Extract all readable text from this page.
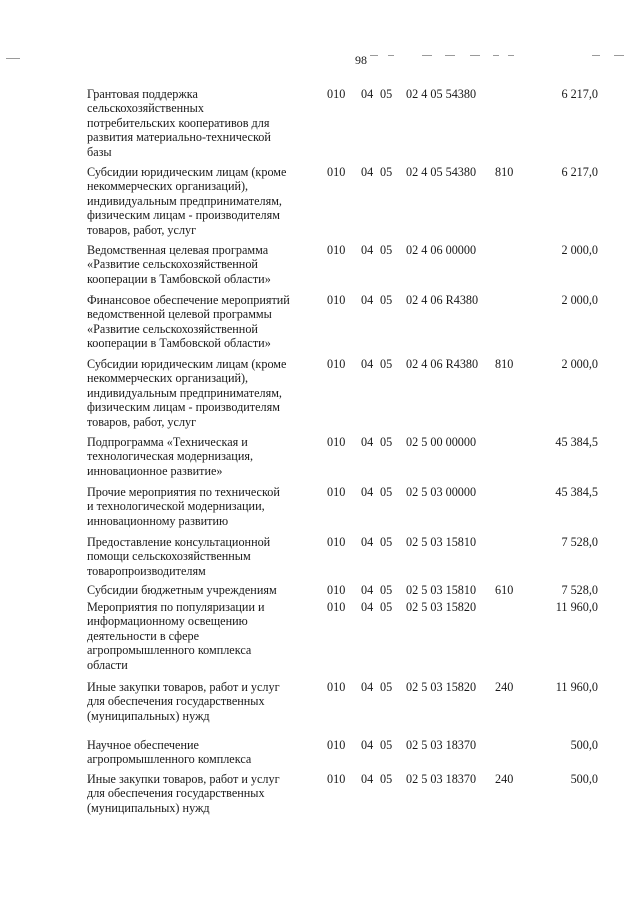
98
Грантовая поддержка
сельскохозяйственных
потребительских кооперативов для
развития материально-технической
базы
010 04 05 02 4 05 54380	6 217,0
Субсидии юридическим лицам (кроме
некоммерческих организаций),
индивидуальным предпринимателям,
физическим лицам - производителям
товаров, работ, услуг
010 04 05 02 4 05 54380 810	6 217,0
Ведомственная целевая программа
«Развитие сельскохозяйственной
кооперации в Тамбовской области»
010 04 05 02 4 06 00000	2 000,0
Финансовое обеспечение мероприятий
ведомственной целевой программы
«Развитие сельскохозяйственной
кооперации в Тамбовской области»
010 04 05 02 4 06 R4380	2 000,0
Субсидии юридическим лицам (кроме
некоммерческих организаций),
индивидуальным предпринимателям,
физическим лицам - производителям
товаров, работ, услуг
010 04 05 02 4 06 R4380 810	2 000,0
Подпрограмма «Техническая и
технологическая модернизация,
инновационное развитие»
010 04 05 02 5 00 00000	45 384,5
Прочие мероприятия по технической
и технологической модернизации,
инновационному развитию
010 04 05 02 5 03 00000	45 384,5
Предоставление консультационной
помощи сельскохозяйственным
товаропроизводителям
010 04 05 02 5 03 15810	7 528,0
Субсидии бюджетным учреждениям	010 04 05 02 5 03 15810 610	7 528,0
Мероприятия по популяризации и
информационному освещению
деятельности в сфере
агропромышленного комплекса
области
010 04 05 02 5 03 15820	11 960,0
Иные закупки товаров, работ и услуг
для обеспечения государственных
(муниципальных) нужд
010 04 05 02 5 03 15820 240	11 960,0
Научное обеспечение
агропромышленного комплекса
010 04 05 02 5 03 18370	500,0
Иные закупки товаров, работ и услуг
для обеспечения государственных
(муниципальных) нужд
010 04 05 02 5 03 18370 240	500,0
